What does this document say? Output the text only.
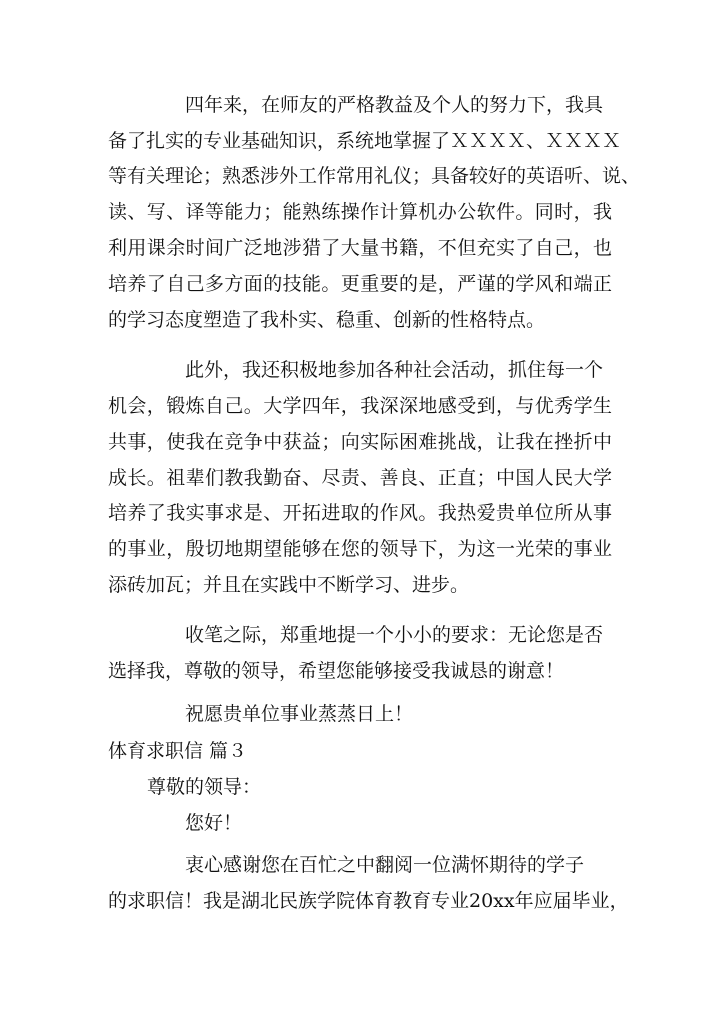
四年来，在师友的严格教益及个人的努力下，我具
备了扎实的专业基础知识，系统地掌握了ＸＸＸＸ、ＸＸＸＸ
等有关理论；熟悉涉外工作常用礼仪；具备较好的英语听、说、
读、写、译等能力；能熟练操作计算机办公软件。同时，我
利用课余时间广泛地涉猎了大量书籍，不但充实了自己，也
培养了自己多方面的技能。更重要的是，严谨的学风和端正
的学习态度塑造了我朴实、稳重、创新的性格特点。
此外，我还积极地参加各种社会活动，抓住每一个
机会，锻炼自己。大学四年，我深深地感受到，与优秀学生
共事，使我在竞争中获益；向实际困难挑战，让我在挫折中
成长。祖辈们教我勤奋、尽责、善良、正直；中国人民大学
培养了我实事求是、开拓进取的作风。我热爱贵单位所从事
的事业，殷切地期望能够在您的领导下，为这一光荣的事业
添砖加瓦；并且在实践中不断学习、进步。
收笔之际，郑重地提一个小小的要求：无论您是否
选择我，尊敬的领导，希望您能够接受我诚恳的谢意！
祝愿贵单位事业蒸蒸日上！
体育求职信 篇３
尊敬的领导：
您好！
衷心感谢您在百忙之中翻阅一位满怀期待的学子
的求职信！我是湖北民族学院体育教育专业20xx年应届毕业，
